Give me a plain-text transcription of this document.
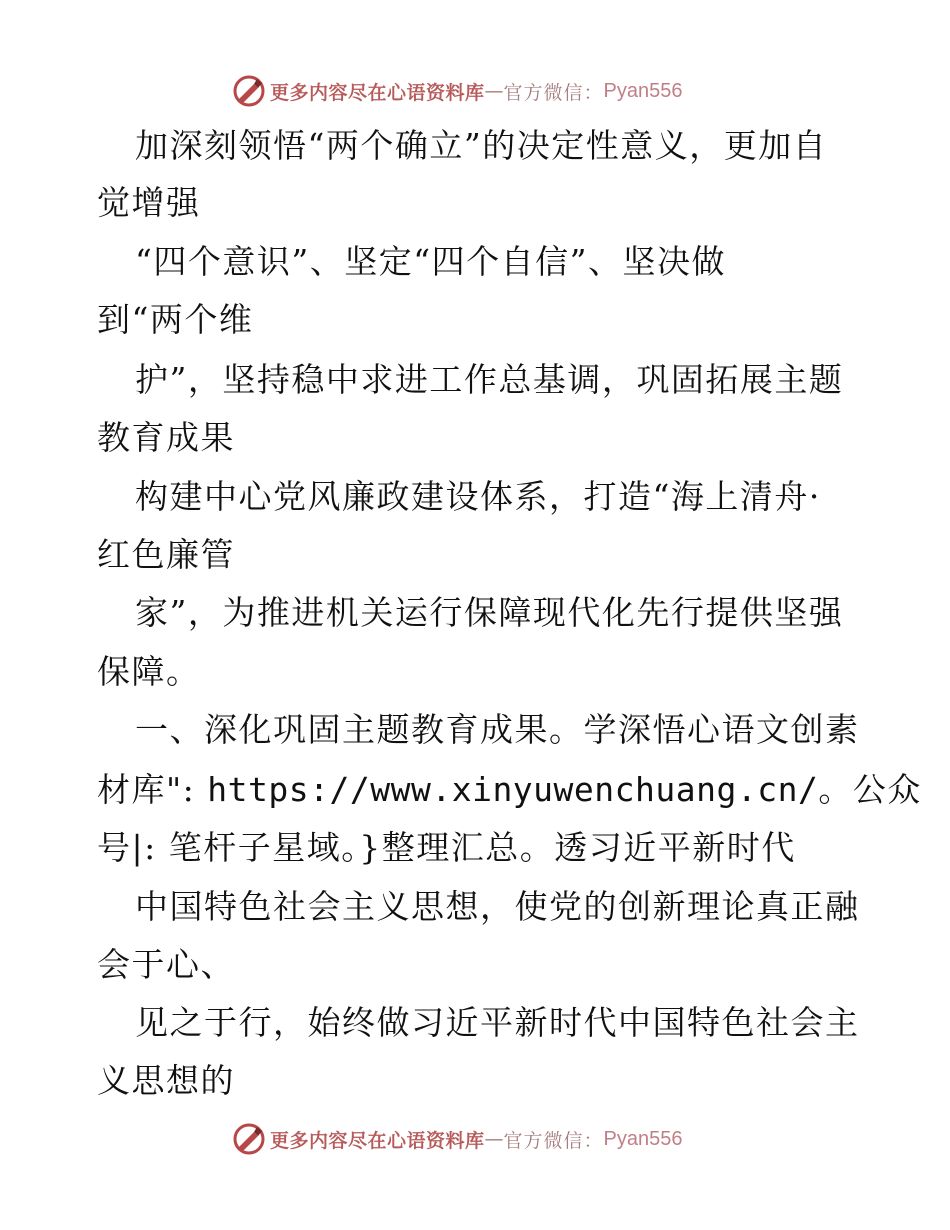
更多内容尽在心语资料库 — 官方微信： Pyan556
加深刻领悟“两个确立”的决定性意义，更加自
觉增强
“四个意识”、坚定“四个自信”、坚决做
到“两个维
护”，坚持稳中求进工作总基调，巩固拓展主题
教育成果
构建中心党风廉政建设体系，打造“海上清舟·
红色廉管
家”，为推进机关运行保障现代化先行提供坚强
保障。
一、深化巩固主题教育成果。学深悟心语文创素
材库": https://www.xinyuwenchuang.cn/。公众
号|: 笔杆子星域。}整理汇总。透习近平新时代
中国特色社会主义思想，使党的创新理论真正融
会于心、
见之于行，始终做习近平新时代中国特色社会主
义思想的
更多内容尽在心语资料库 — 官方微信： Pyan556
